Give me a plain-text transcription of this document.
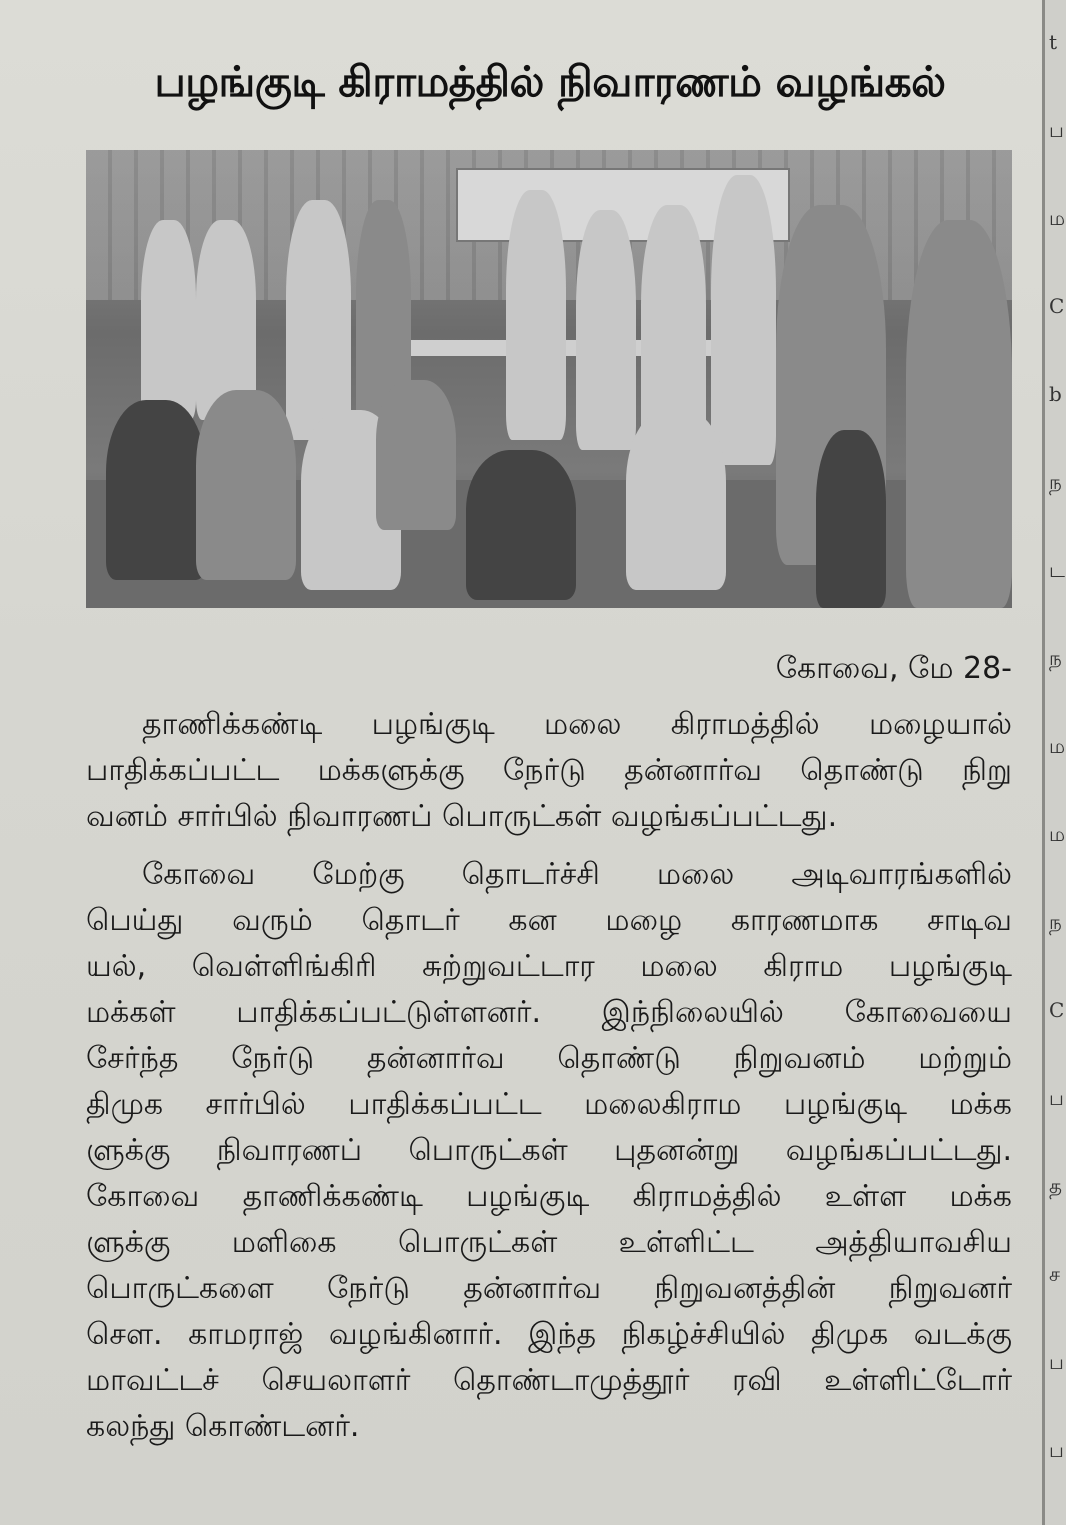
t
ப
ம
C
b
ந
ட
ந
ம
ம
ந
C
ப
த
ச
ப
ப
பழங்குடி கிராமத்தில் நிவாரணம் வழங்கல்
கோவை, மே 28-
தாணிக்கண்டி பழங்குடி மலை கிராமத்தில் மழையால்
பாதிக்கப்பட்ட மக்களுக்கு நேர்டு தன்னார்வ தொண்டு நிறு
வனம் சார்பில் நிவாரணப் பொருட்கள் வழங்கப்பட்டது.
கோவை மேற்கு தொடர்ச்சி மலை அடிவாரங்களில்
பெய்து வரும் தொடர் கன மழை காரணமாக சாடிவ
யல், வெள்ளிங்கிரி சுற்றுவட்டார மலை கிராம பழங்குடி
மக்கள் பாதிக்கப்பட்டுள்ளனர். இந்நிலையில் கோவையை
சேர்ந்த நேர்டு தன்னார்வ தொண்டு நிறுவனம் மற்றும்
திமுக சார்பில் பாதிக்கப்பட்ட மலைகிராம பழங்குடி மக்க
ளுக்கு நிவாரணப் பொருட்கள் புதனன்று வழங்கப்பட்டது.
கோவை தாணிக்கண்டி பழங்குடி கிராமத்தில் உள்ள மக்க
ளுக்கு மளிகை பொருட்கள் உள்ளிட்ட அத்தியாவசிய
பொருட்களை நேர்டு தன்னார்வ நிறுவனத்தின் நிறுவனர்
செள. காமராஜ் வழங்கினார். இந்த நிகழ்ச்சியில் திமுக வடக்கு
மாவட்டச் செயலாளர் தொண்டாமுத்தூர் ரவி உள்ளிட்டோர்
கலந்து கொண்டனர்.
